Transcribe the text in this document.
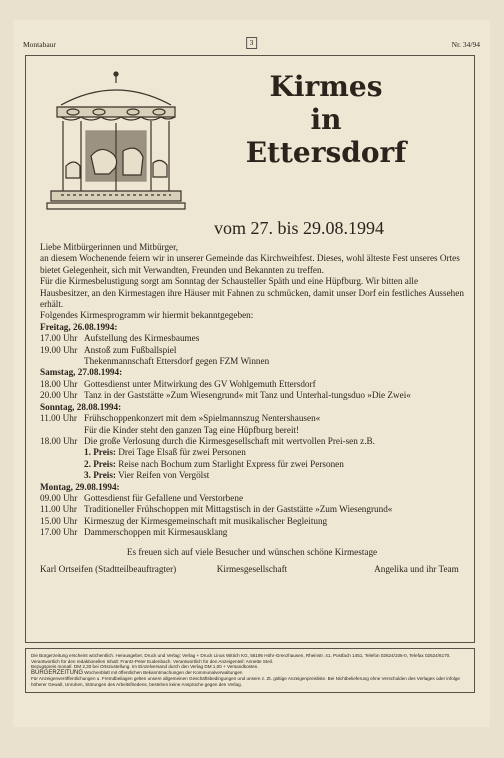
Montabaur	3	Nr. 34/94
Kirmes
in
Ettersdorf
vom 27. bis 29.08.1994

Liebe Mitbürgerinnen und Mitbürger,

an diesem Wochenende feiern wir in unserer Gemeinde das Kirchweihfest. Dieses, wohl älteste Fest unseres Ortes bietet Gelegenheit, sich mit Verwandten, Freunden und Bekannten zu treffen.

Für die Kirmesbelustigung sorgt am Sonntag der Schausteller Späth und eine Hüpfburg. Wir bitten alle Hausbesitzer, an den Kirmestagen ihre Häuser mit Fahnen zu schmücken, damit unser Dorf ein festliches Aussehen erhält.

Folgendes Kirmesprogramm wir hiermit bekanntgegeben:

Freitag, 26.08.1994:
17.00 Uhr Aufstellung des Kirmesbaumes
19.00 Uhr Anstoß zum Fußballspiel
Thekenmannschaft Ettersdorf gegen FZM Winnen
Samstag, 27.08.1994:
18.00 Uhr Gottesdienst unter Mitwirkung des GV Wohlgemuth Ettersdorf
20.00 Uhr Tanz in der Gaststätte »Zum Wiesengrund« mit Tanz und Unterhal-tungsduo »Die Zwei«
Sonntag, 28.08.1994:
11.00 Uhr Frühschoppenkonzert mit dem »Spielmannszug Nentershausen«
Für die Kinder steht den ganzen Tag eine Hüpfburg bereit!
18.00 Uhr Die große Verlosung durch die Kirmesgesellschaft mit wertvollen Prei-sen z.B.
1. Preis: Drei Tage Elsaß für zwei Personen
2. Preis: Reise nach Bochum zum Starlight Express für zwei Personen
3. Preis: Vier Reifen von Vergölst
Montag, 29.08.1994:
09.00 Uhr Gottesdienst für Gefallene und Verstorbene
11.00 Uhr Traditioneller Frühschoppen mit Mittagstisch in der Gaststätte »Zum Wiesengrund«
15.00 Uhr Kirmeszug der Kirmesgemeinschaft mit musikalischer Begleitung
17.00 Uhr Dammerschoppen mit Kirmesausklang
Es freuen sich auf viele Besucher und wünschen schöne Kirmestage
Karl Ortseifen (Stadtteilbeauftragter)	Kirmesgesellschaft	Angelika und ihr Team
Die Bürgerzeitung erscheint wöchentlich. Herausgeber, Druck und Verlag: Verlag + Druck Linus Wittich KG, 56195 Höhr-Grenzhausen, Rheinstr. 41, Postfach 1451, Telefon 02624/106-0, Telefax 02624/6170. Verantwortlich für den redaktionellen Inhalt: Frantz-Peter Eudenbach. Verantwortlich für den Anzeigenteil: Annette Steil.
Bezugspreis monatl. DM 2,30 bei Ortszustellung. Im Einzelversand durch den Verlag DM 1,00 + Versandkosten.
BÜRGERZEITUNG Wochenblatt mit öffentlichen Bekanntmachungen der Kommunalverwaltungen
Für Anzeigenveröffentlichungen u. Fremdbeilagen gelten unsere allgemeinen Geschäftsbedingungen und unsere z. Zt. gültige Anzeigenpreisliste. Bei Nichtbelieferung ohne Verschulden des Verlages oder infolge höherer Gewalt, Unruhen, Störungen des Arbeitsfriedens, bestehen keine Ansprüche gegen den Verlag.
